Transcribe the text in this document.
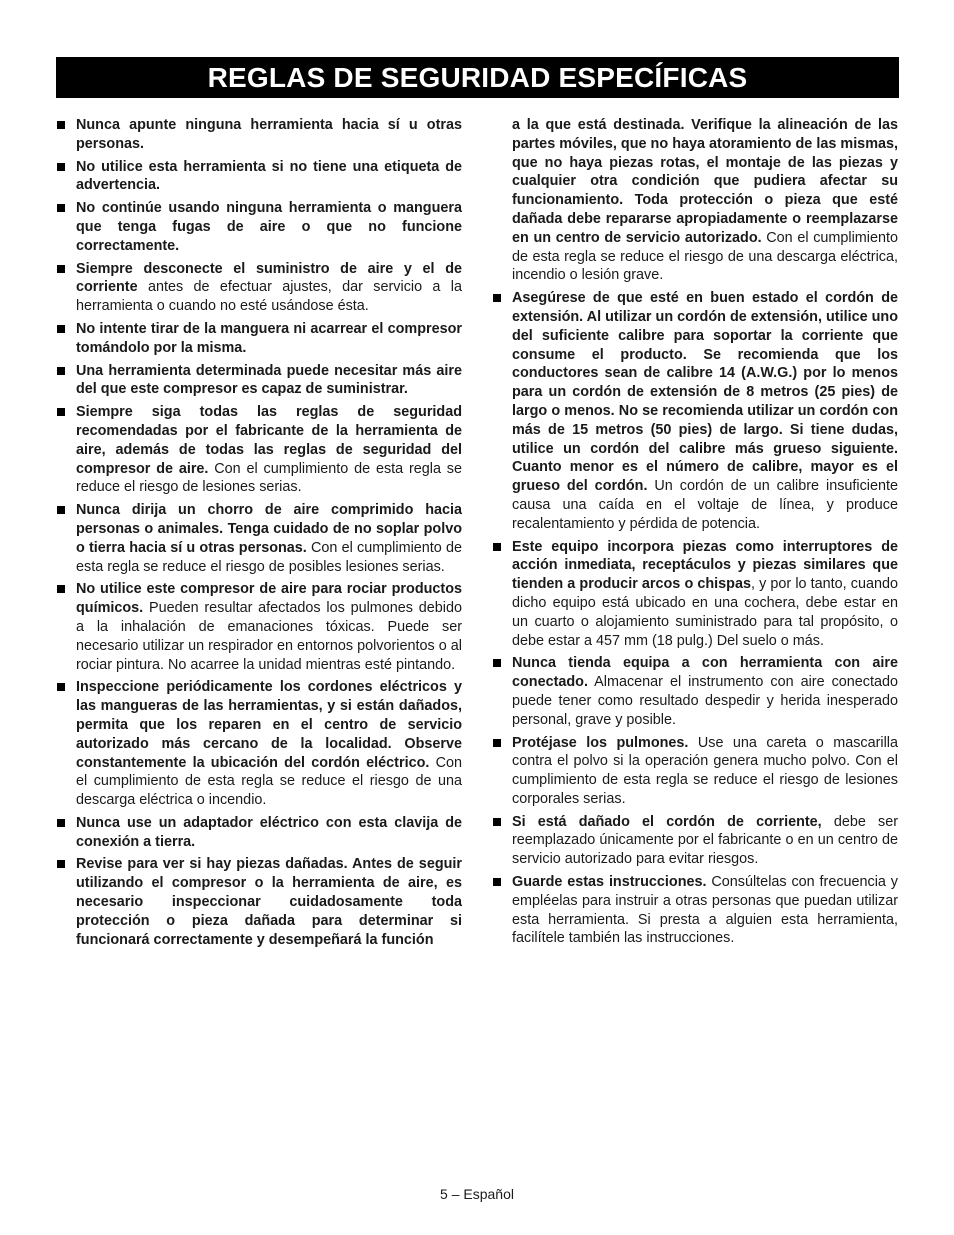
REGLAS DE SEGURIDAD ESPECÍFICAS

Nunca apunte ninguna herramienta hacia sí u otras personas.

No utilice esta herramienta si no tiene una etiqueta de advertencia.

No continúe usando ninguna herramienta o manguera que tenga fugas de aire o que no funcione correctamente.

Siempre desconecte el suministro de aire y el de corriente antes de efectuar ajustes, dar servicio a la herramienta o cuando no esté usándose ésta.

No intente tirar de la manguera ni acarrear el compresor tomándolo por la misma.

Una herramienta determinada puede necesitar más aire del que este compresor es capaz de suministrar.

Siempre siga todas las reglas de seguridad recomendadas por el fabricante de la herramienta de aire, además de todas las reglas de seguridad del compresor de aire. Con el cumplimiento de esta regla se reduce el riesgo de lesiones serias.

Nunca dirija un chorro de aire comprimido hacia personas o animales. Tenga cuidado de no soplar polvo o tierra hacia sí u otras personas. Con el cumplimiento de esta regla se reduce el riesgo de posibles lesiones serias.

No utilice este compresor de aire para rociar productos químicos. Pueden resultar afectados los pulmones debido a la inhalación de emanaciones tóxicas. Puede ser necesario utilizar un respirador en entornos polvorientos o al rociar pintura. No acarree la unidad mientras esté pintando.

Inspeccione periódicamente los cordones eléctricos y las mangueras de las herramientas, y si están dañados, permita que los reparen en el centro de servicio autorizado más cercano de la localidad. Observe constantemente la ubicación del cordón eléctrico. Con el cumplimiento de esta regla se reduce el riesgo de una descarga eléctrica o incendio.

Nunca use un adaptador eléctrico con esta clavija de conexión a tierra.

Revise para ver si hay piezas dañadas. Antes de seguir utilizando el compresor o la herramienta de aire, es necesario inspeccionar cuidadosamente toda protección o pieza dañada para determinar si funcionará correctamente y desempeñará la función

a la que está destinada. Verifique la alineación de las partes móviles, que no haya atoramiento de las mismas, que no haya piezas rotas, el montaje de las piezas y cualquier otra condición que pudiera afectar su funcionamiento. Toda protección o pieza que esté dañada debe repararse apropiadamente o reemplazarse en un centro de servicio autorizado. Con el cumplimiento de esta regla se reduce el riesgo de una descarga eléctrica, incendio o lesión grave.

Asegúrese de que esté en buen estado el cordón de extensión. Al utilizar un cordón de extensión, utilice uno del suficiente calibre para soportar la corriente que consume el producto. Se recomienda que los conductores sean de calibre 14 (A.W.G.) por lo menos para un cordón de extensión de 8 metros (25 pies) de largo o menos. No se recomienda utilizar un cordón con más de 15 metros (50 pies) de largo. Si tiene dudas, utilice un cordón del calibre más grueso siguiente. Cuanto menor es el número de calibre, mayor es el grueso del cordón. Un cordón de un calibre insuficiente causa una caída en el voltaje de línea, y produce recalentamiento y pérdida de potencia.

Este equipo incorpora piezas como interruptores de acción inmediata, receptáculos y piezas similares que tienden a producir arcos o chispas, y por lo tanto, cuando dicho equipo está ubicado en una cochera, debe estar en un cuarto o alojamiento suministrado para tal propósito, o debe estar a 457 mm (18 pulg.) Del suelo o más.

Nunca tienda equipa a con herramienta con aire conectado. Almacenar el instrumento con aire conectado puede tener como resultado despedir y herida inesperado personal, grave y posible.

Protéjase los pulmones. Use una careta o mascarilla contra el polvo si la operación genera mucho polvo. Con el cumplimiento de esta regla se reduce el riesgo de lesiones corporales serias.

Si está dañado el cordón de corriente, debe ser reemplazado únicamente por el fabricante o en un centro de servicio autorizado para evitar riesgos.

Guarde estas instrucciones. Consúltelas con frecuencia y empléelas para instruir a otras personas que puedan utilizar esta herramienta. Si presta a alguien esta herramienta, facilítele también las instrucciones.

5 – Español
